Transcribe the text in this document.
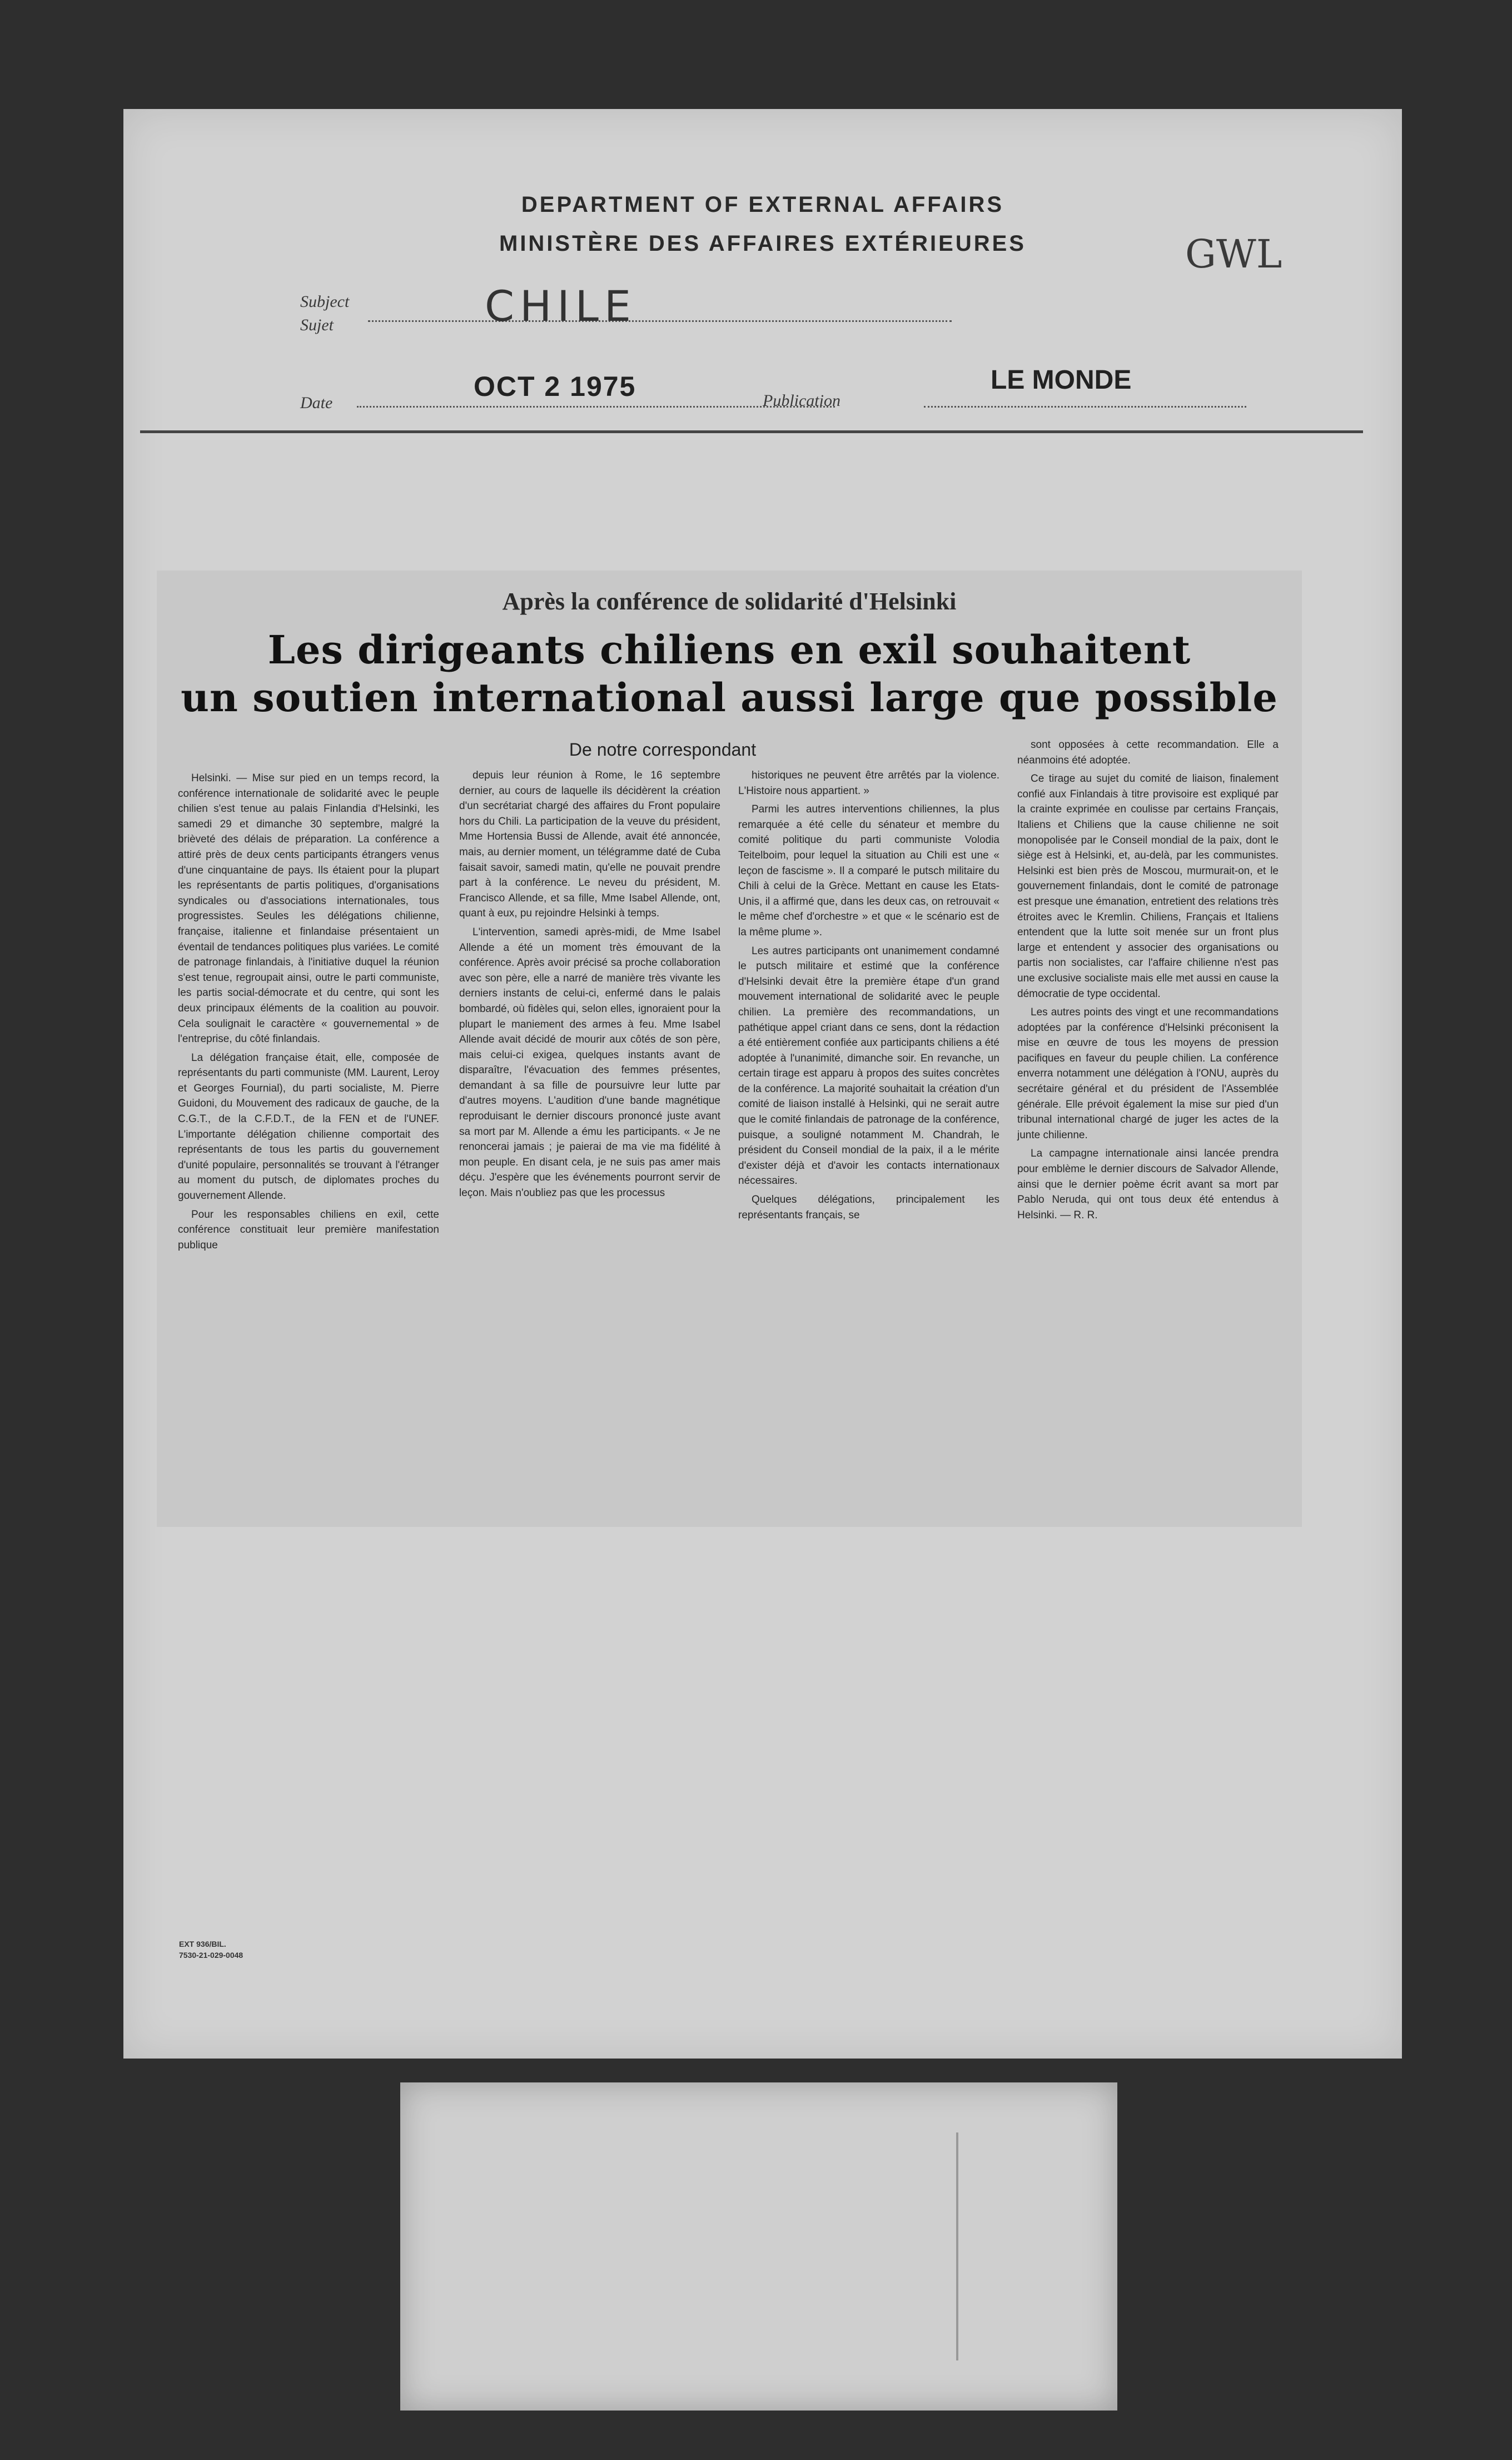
DEPARTMENT OF EXTERNAL AFFAIRS
MINISTÈRE DES AFFAIRES EXTÉRIEURES	GWL
Subject
Sujet	CHILE
Date
OCT 2 1975	Publication
LE MONDE
Après la conférence de solidarité d'Helsinki
Les dirigeants chiliens en exil souhaitent
un soutien international aussi large que possible
De notre correspondant

Helsinki. — Mise sur pied en un temps record, la conférence internationale de solidarité avec le peuple chilien s'est tenue au palais Finlandia d'Helsinki, les samedi 29 et dimanche 30 septembre, malgré la brièveté des délais de préparation. La conférence a attiré près de deux cents participants étrangers venus d'une cinquantaine de pays. Ils étaient pour la plupart les représentants de partis politiques, d'organisations syndicales ou d'associations internationales, tous progressistes. Seules les délégations chilienne, française, italienne et finlandaise présentaient un éventail de tendances politiques plus variées. Le comité de patronage finlandais, à l'initiative duquel la réunion s'est tenue, regroupait ainsi, outre le parti communiste, les partis social-démocrate et du centre, qui sont les deux principaux éléments de la coalition au pouvoir. Cela soulignait le caractère « gouvernemental » de l'entreprise, du côté finlandais.

La délégation française était, elle, composée de représentants du parti communiste (MM. Laurent, Leroy et Georges Fournial), du parti socialiste, M. Pierre Guidoni, du Mouvement des radicaux de gauche, de la C.G.T., de la C.F.D.T., de la FEN et de l'UNEF. L'importante délégation chilienne comportait des représentants de tous les partis du gouvernement d'unité populaire, personnalités se trouvant à l'étranger au moment du putsch, de diplomates proches du gouvernement Allende.

Pour les responsables chiliens en exil, cette conférence constituait leur première manifestation publique

depuis leur réunion à Rome, le 16 septembre dernier, au cours de laquelle ils décidèrent la création d'un secrétariat chargé des affaires du Front populaire hors du Chili. La participation de la veuve du président, Mme Hortensia Bussi de Allende, avait été annoncée, mais, au dernier moment, un télégramme daté de Cuba faisait savoir, samedi matin, qu'elle ne pouvait prendre part à la conférence. Le neveu du président, M. Francisco Allende, et sa fille, Mme Isabel Allende, ont, quant à eux, pu rejoindre Helsinki à temps.

L'intervention, samedi après-midi, de Mme Isabel Allende a été un moment très émouvant de la conférence. Après avoir précisé sa proche collaboration avec son père, elle a narré de manière très vivante les derniers instants de celui-ci, enfermé dans le palais bombardé, où fidèles qui, selon elles, ignoraient pour la plupart le maniement des armes à feu. Mme Isabel Allende avait décidé de mourir aux côtés de son père, mais celui-ci exigea, quelques instants avant de disparaître, l'évacuation des femmes présentes, demandant à sa fille de poursuivre leur lutte par d'autres moyens. L'audition d'une bande magnétique reproduisant le dernier discours prononcé juste avant sa mort par M. Allende a ému les participants. « Je ne renoncerai jamais ; je paierai de ma vie ma fidélité à mon peuple. En disant cela, je ne suis pas amer mais déçu. J'espère que les événements pourront servir de leçon. Mais n'oubliez pas que les processus

historiques ne peuvent être arrêtés par la violence. L'Histoire nous appartient. »

Parmi les autres interventions chiliennes, la plus remarquée a été celle du sénateur et membre du comité politique du parti communiste Volodia Teitelboim, pour lequel la situation au Chili est une « leçon de fascisme ». Il a comparé le putsch militaire du Chili à celui de la Grèce. Mettant en cause les Etats-Unis, il a affirmé que, dans les deux cas, on retrouvait « le même chef d'orchestre » et que « le scénario est de la même plume ».

Les autres participants ont unanimement condamné le putsch militaire et estimé que la conférence d'Helsinki devait être la première étape d'un grand mouvement international de solidarité avec le peuple chilien. La première des recommandations, un pathétique appel criant dans ce sens, dont la rédaction a été entièrement confiée aux participants chiliens a été adoptée à l'unanimité, dimanche soir. En revanche, un certain tirage est apparu à propos des suites concrètes de la conférence. La majorité souhaitait la création d'un comité de liaison installé à Helsinki, qui ne serait autre que le comité finlandais de patronage de la conférence, puisque, a souligné notamment M. Chandrah, le président du Conseil mondial de la paix, il a le mérite d'exister déjà et d'avoir les contacts internationaux nécessaires.

Quelques délégations, principalement les représentants français, se

sont opposées à cette recommandation. Elle a néanmoins été adoptée.

Ce tirage au sujet du comité de liaison, finalement confié aux Finlandais à titre provisoire est expliqué par la crainte exprimée en coulisse par certains Français, Italiens et Chiliens que la cause chilienne ne soit monopolisée par le Conseil mondial de la paix, dont le siège est à Helsinki, et, au-delà, par les communistes. Helsinki est bien près de Moscou, murmurait-on, et le gouvernement finlandais, dont le comité de patronage est presque une émanation, entretient des relations très étroites avec le Kremlin. Chiliens, Français et Italiens entendent que la lutte soit menée sur un front plus large et entendent y associer des organisations ou partis non socialistes, car l'affaire chilienne n'est pas une exclusive socialiste mais elle met aussi en cause la démocratie de type occidental.

Les autres points des vingt et une recommandations adoptées par la conférence d'Helsinki préconisent la mise en œuvre de tous les moyens de pression pacifiques en faveur du peuple chilien. La conférence enverra notamment une délégation à l'ONU, auprès du secrétaire général et du président de l'Assemblée générale. Elle prévoit également la mise sur pied d'un tribunal international chargé de juger les actes de la junte chilienne.

La campagne internationale ainsi lancée prendra pour emblème le dernier discours de Salvador Allende, ainsi que le dernier poème écrit avant sa mort par Pablo Neruda, qui ont tous deux été entendus à Helsinki. — R. R.

EXT 936/BIL.
7530-21-029-0048
